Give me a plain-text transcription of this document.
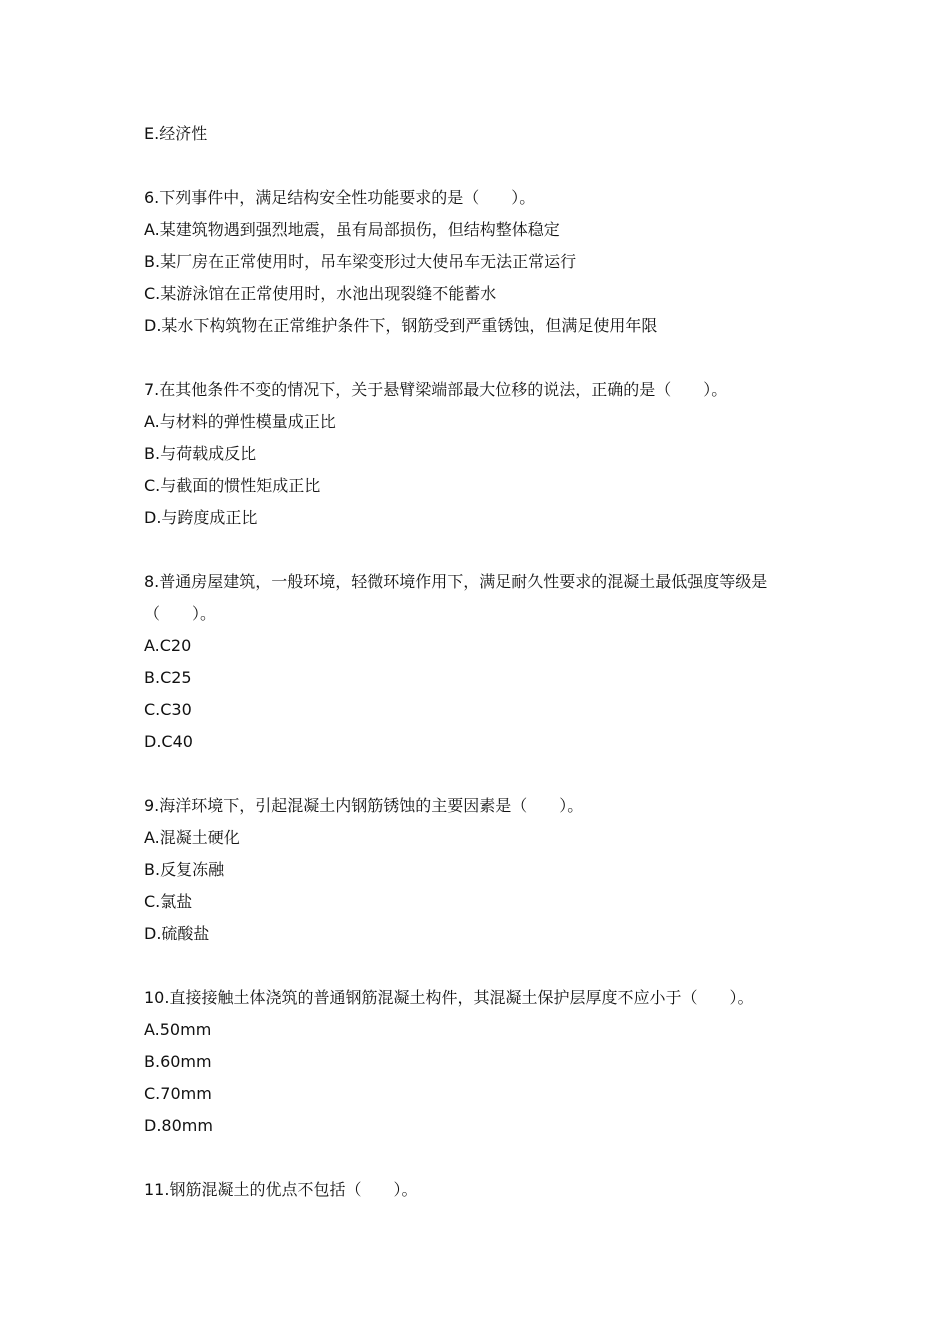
E.经济性
6.下列事件中，满足结构安全性功能要求的是（　　）。
A.某建筑物遇到强烈地震，虽有局部损伤，但结构整体稳定
B.某厂房在正常使用时，吊车梁变形过大使吊车无法正常运行
C.某游泳馆在正常使用时，水池出现裂缝不能蓄水
D.某水下构筑物在正常维护条件下，钢筋受到严重锈蚀，但满足使用年限
7.在其他条件不变的情况下，关于悬臂梁端部最大位移的说法，正确的是（　　）。
A.与材料的弹性模量成正比
B.与荷载成反比
C.与截面的惯性矩成正比
D.与跨度成正比
8.普通房屋建筑，一般环境，轻微环境作用下，满足耐久性要求的混凝土最低强度等级是（　　）。
A.C20
B.C25
C.C30
D.C40
9.海洋环境下，引起混凝土内钢筋锈蚀的主要因素是（　　）。
A.混凝土硬化
B.反复冻融
C.氯盐
D.硫酸盐
10.直接接触土体浇筑的普通钢筋混凝土构件，其混凝土保护层厚度不应小于（　　）。
A.50mm
B.60mm
C.70mm
D.80mm
11.钢筋混凝土的优点不包括（　　）。
